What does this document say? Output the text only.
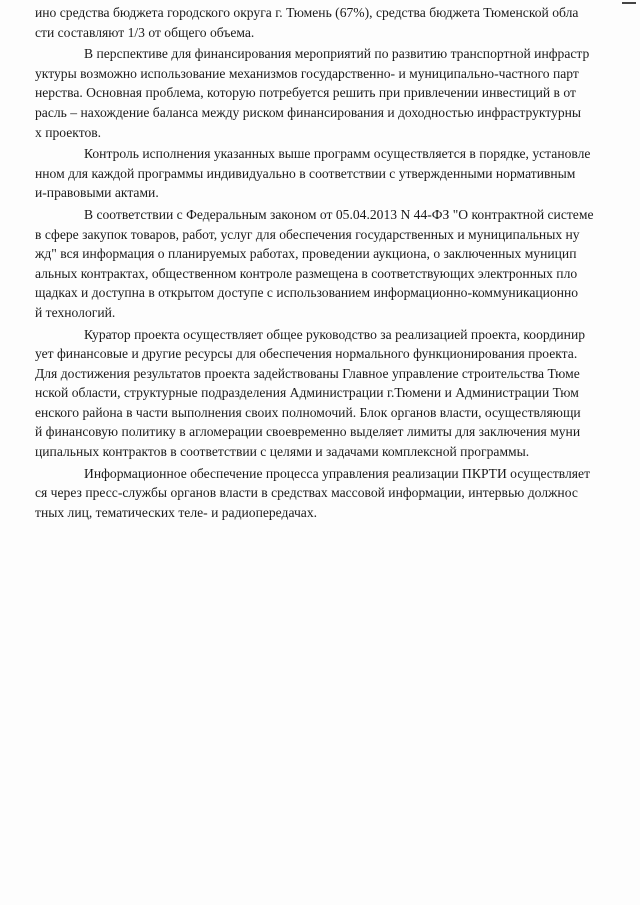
ино средства бюджета городского округа г. Тюмень (67%), средства бюджета Тюменской обла
сти составляют 1/3 от общего объема.
В перспективе для финансирования мероприятий по развитию транспортной инфрастр
уктуры возможно использование механизмов государственно- и муниципально-частного парт
нерства. Основная проблема, которую потребуется решить при привлечении инвестиций в от
расль – нахождение баланса между риском финансирования и доходностью инфраструктурны
х проектов.
Контроль исполнения указанных выше программ осуществляется в порядке, установле
нном для каждой программы индивидуально в соответствии с утвержденными нормативным
и-правовыми актами.
В соответствии с Федеральным законом от 05.04.2013 N 44-ФЗ "О контрактной системе
в сфере закупок товаров, работ, услуг для обеспечения государственных и муниципальных ну
жд" вся информация о планируемых работах, проведении аукциона, о заключенных муницип
альных контрактах, общественном контроле размещена в соответствующих электронных пло
щадках и доступна в открытом доступе с использованием информационно-коммуникационно
й технологий.
Куратор проекта осуществляет общее руководство за реализацией проекта, координир
ует финансовые и другие ресурсы для обеспечения нормального функционирования проекта.
Для достижения результатов проекта задействованы Главное управление строительства Тюме
нской области, структурные подразделения Администрации г.Тюмени и Администрации Тюм
енского района в части выполнения своих полномочий. Блок органов власти, осуществляющи
й финансовую политику в агломерации своевременно выделяет лимиты для заключения муни
ципальных контрактов в соответствии с целями и задачами комплексной программы.
Информационное обеспечение процесса управления реализации ПКРТИ осуществляет
ся через пресс-службы органов власти в средствах массовой информации, интервью должнос
тных лиц, тематических теле- и радиопередачах.
